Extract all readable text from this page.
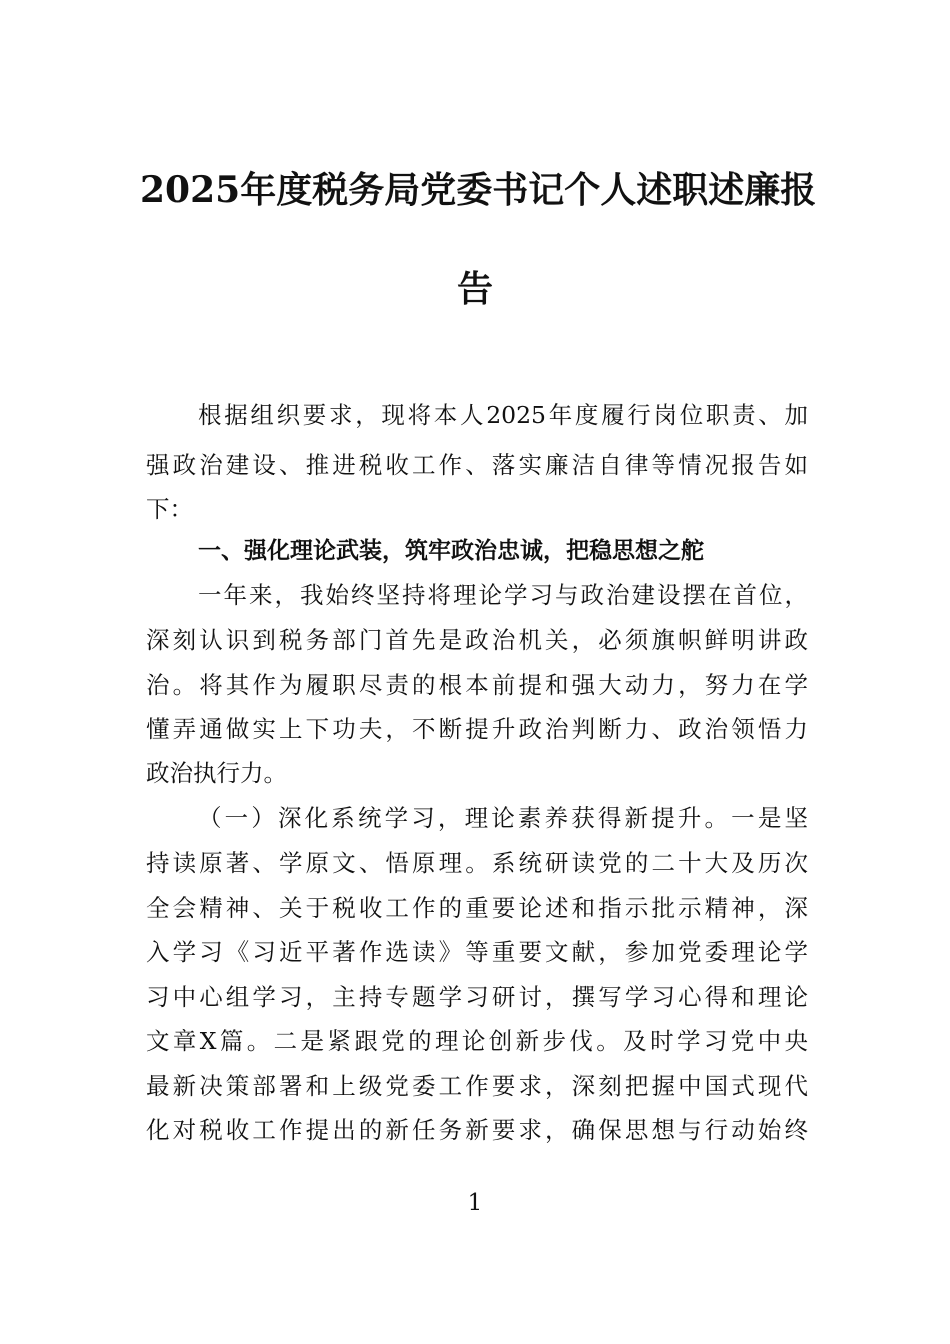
2025年度税务局党委书记个人述职述廉报
告
根据组织要求，现将本人2025年度履行岗位职责、加
强政治建设、推进税收工作、落实廉洁自律等情况报告如
下：
一、强化理论武装，筑牢政治忠诚，把稳思想之舵
一年来，我始终坚持将理论学习与政治建设摆在首位，
深刻认识到税务部门首先是政治机关，必须旗帜鲜明讲政
治。将其作为履职尽责的根本前提和强大动力，努力在学
懂弄通做实上下功夫，不断提升政治判断力、政治领悟力
政治执行力。
（一）深化系统学习，理论素养获得新提升。一是坚
持读原著、学原文、悟原理。系统研读党的二十大及历次
全会精神、关于税收工作的重要论述和指示批示精神，深
入学习《习近平著作选读》等重要文献，参加党委理论学
习中心组学习，主持专题学习研讨，撰写学习心得和理论
文章X篇。二是紧跟党的理论创新步伐。及时学习党中央
最新决策部署和上级党委工作要求，深刻把握中国式现代
化对税收工作提出的新任务新要求，确保思想与行动始终
1
